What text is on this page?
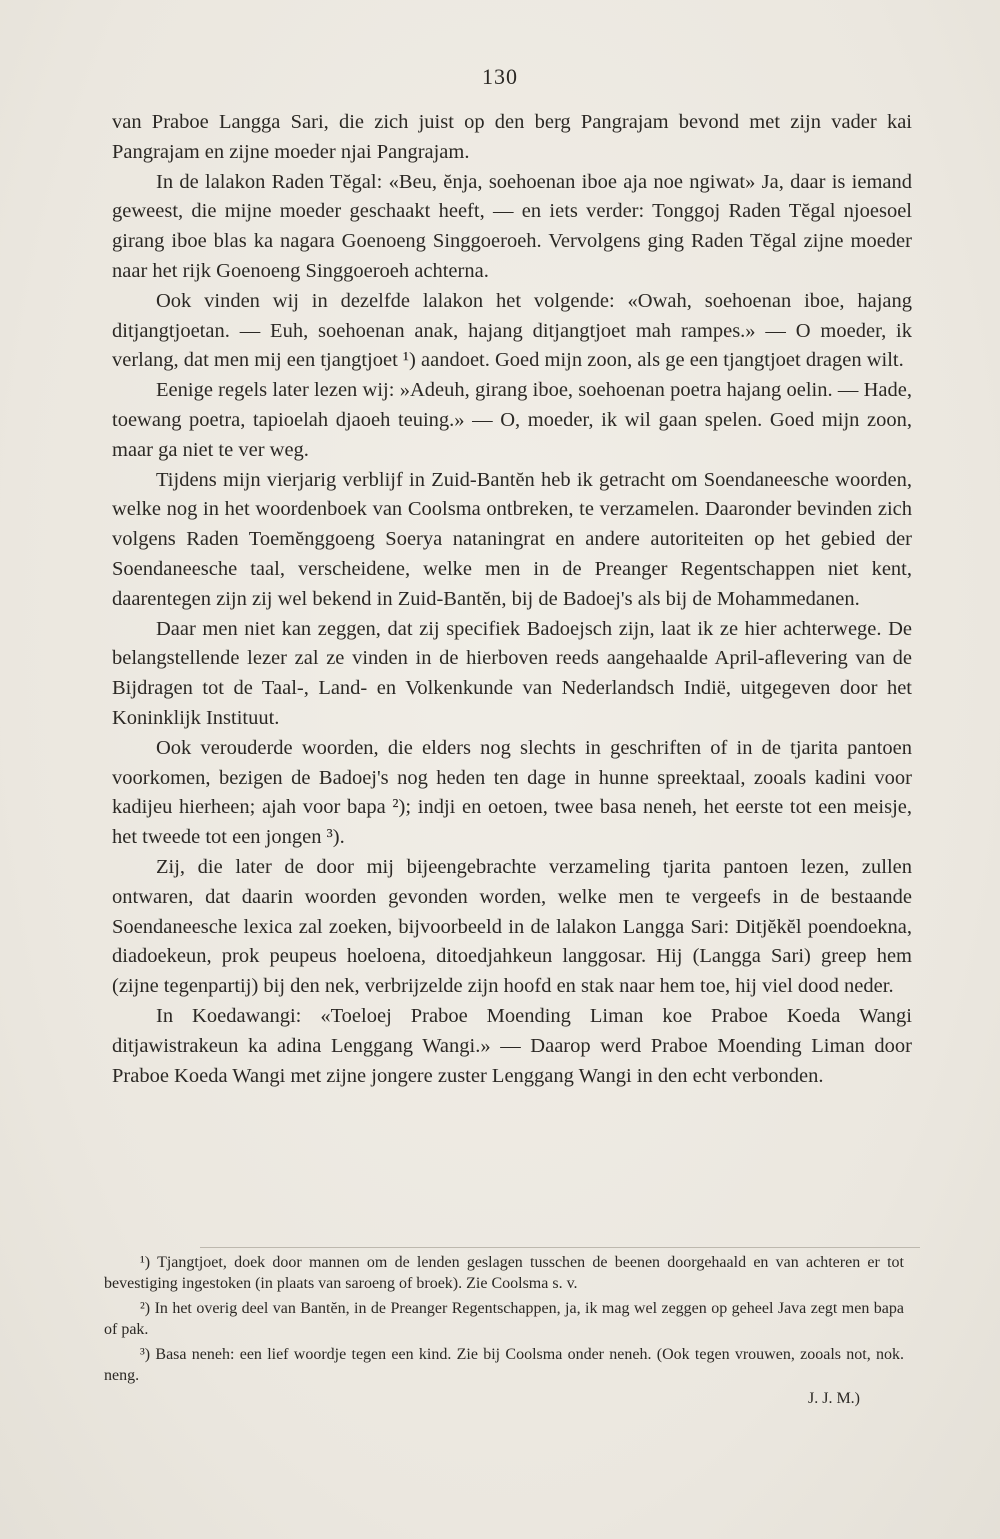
130

van Praboe Langga Sari, die zich juist op den berg Pangrajam bevond met zijn vader kai Pangrajam en zijne moeder njai Pangrajam.

In de lalakon Raden Tĕgal: «Beu, ĕnja, soehoenan iboe aja noe ngiwat» Ja, daar is iemand geweest, die mijne moeder geschaakt heeft, — en iets verder: Tonggoj Raden Tĕgal njoesoel girang iboe blas ka nagara Goenoeng Singgoeroeh. Vervolgens ging Raden Tĕgal zijne moeder naar het rijk Goenoeng Singgoeroeh achterna.

Ook vinden wij in dezelfde lalakon het volgende: «Owah, soehoenan iboe, hajang ditjangtjoetan. — Euh, soehoenan anak, hajang ditjangtjoet mah rampes.» — O moeder, ik verlang, dat men mij een tjangtjoet ¹) aandoet. Goed mijn zoon, als ge een tjangtjoet dragen wilt.

Eenige regels later lezen wij: »Adeuh, girang iboe, soehoenan poetra hajang oelin. — Hade, toewang poetra, tapioelah djaoeh teuing.» — O, moeder, ik wil gaan spelen. Goed mijn zoon, maar ga niet te ver weg.

Tijdens mijn vierjarig verblijf in Zuid-Bantĕn heb ik getracht om Soendaneesche woorden, welke nog in het woordenboek van Coolsma ontbreken, te verzamelen. Daaronder bevinden zich volgens Raden Toemĕnggoeng Soerya nataningrat en andere autoriteiten op het gebied der Soendaneesche taal, verscheidene, welke men in de Preanger Regentschappen niet kent, daarentegen zijn zij wel bekend in Zuid-Bantĕn, bij de Badoej's als bij de Mohammedanen.

Daar men niet kan zeggen, dat zij specifiek Badoejsch zijn, laat ik ze hier achterwege. De belangstellende lezer zal ze vinden in de hierboven reeds aangehaalde April-aflevering van de Bijdragen tot de Taal-, Land- en Volkenkunde van Nederlandsch Indië, uitgegeven door het Koninklijk Instituut.

Ook verouderde woorden, die elders nog slechts in geschriften of in de tjarita pantoen voorkomen, bezigen de Badoej's nog heden ten dage in hunne spreektaal, zooals kadini voor kadijeu hierheen; ajah voor bapa ²); indji en oetoen, twee basa neneh, het eerste tot een meisje, het tweede tot een jongen ³).

Zij, die later de door mij bijeengebrachte verzameling tjarita pantoen lezen, zullen ontwaren, dat daarin woorden gevonden worden, welke men te vergeefs in de bestaande Soendaneesche lexica zal zoeken, bijvoorbeeld in de lalakon Langga Sari: Ditjĕkĕl poendoekna, diadoekeun, prok peupeus hoeloena, ditoedjahkeun langgosar. Hij (Langga Sari) greep hem (zijne tegenpartij) bij den nek, verbrijzelde zijn hoofd en stak naar hem toe, hij viel dood neder.

In Koedawangi: «Toeloej Praboe Moending Liman koe Praboe Koeda Wangi ditjawistrakeun ka adina Lenggang Wangi.» — Daarop werd Praboe Moending Liman door Praboe Koeda Wangi met zijne jongere zuster Lenggang Wangi in den echt verbonden.

¹) Tjangtjoet, doek door mannen om de lenden geslagen tusschen de beenen doorgehaald en van achteren er tot bevestiging ingestoken (in plaats van saroeng of broek). Zie Coolsma s. v.

²) In het overig deel van Bantĕn, in de Preanger Regentschappen, ja, ik mag wel zeggen op geheel Java zegt men bapa of pak.

³) Basa neneh: een lief woordje tegen een kind. Zie bij Coolsma onder neneh. (Ook tegen vrouwen, zooals not, nok. neng.

J. J. M.)
